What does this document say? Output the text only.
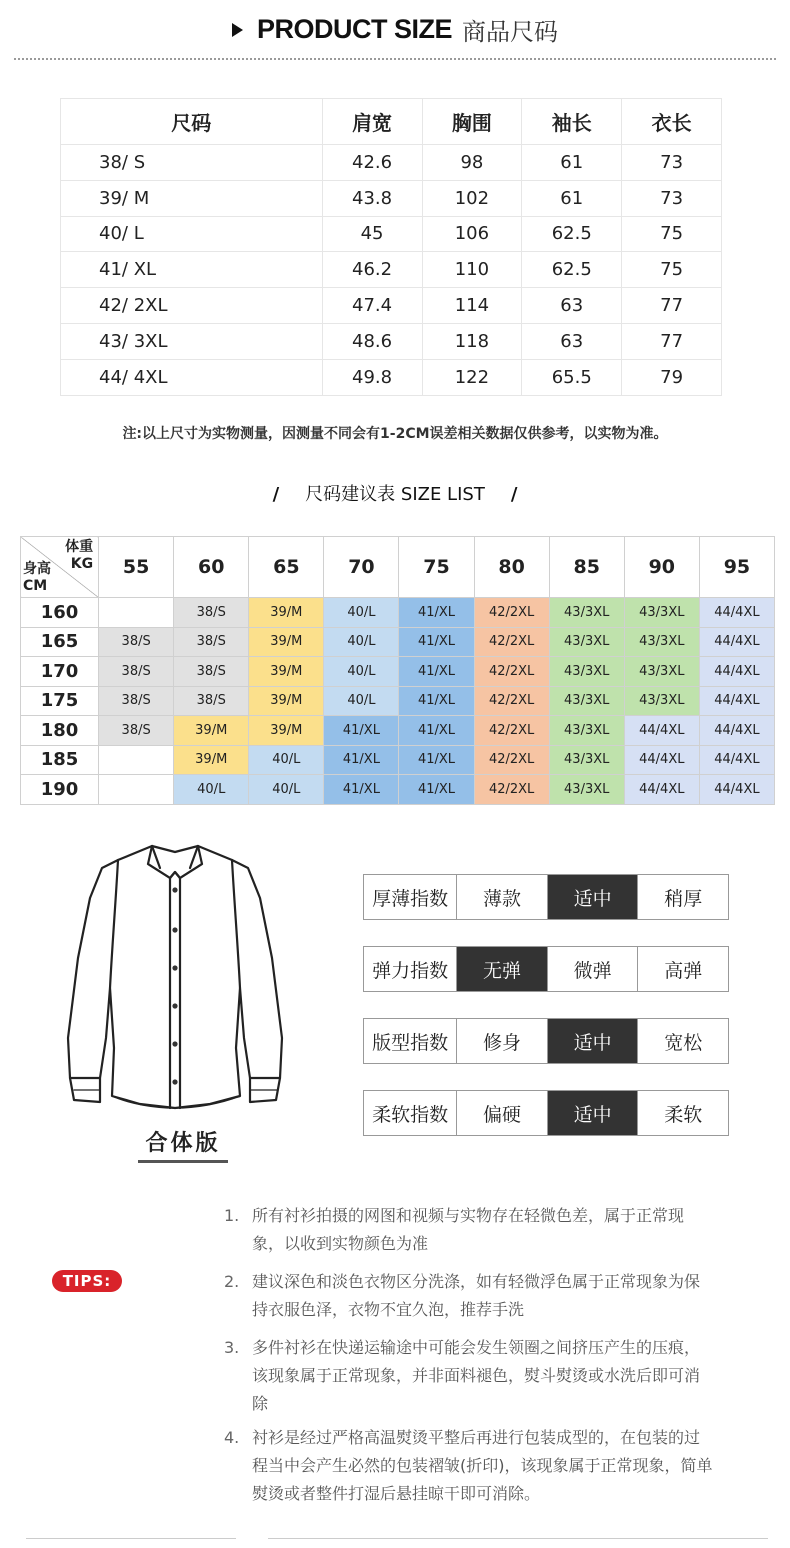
PRODUCT SIZE 商品尺码
尺码	肩宽	胸围	袖长	衣长
38/ S	42.6	98	61	73
39/ M	43.8	102	61	73
40/ L	45	106	62.5	75
41/ XL	46.2	110	62.5	75
42/ 2XL	47.4	114	63	77
43/ 3XL	48.6	118	63	77
44/ 4XL	49.8	122	65.5	79
注:以上尺寸为实物测量，因测量不同会有1-2CM误差相关数据仅供参考，以实物为准。
/ 尺码建议表 SIZE LIST /
体重
KG
身高
CM	55	60	65	70	75	80	85	90	95
160		38/S	39/M	40/L	41/XL	42/2XL	43/3XL	43/3XL	44/4XL
165	38/S	38/S	39/M	40/L	41/XL	42/2XL	43/3XL	43/3XL	44/4XL
170	38/S	38/S	39/M	40/L	41/XL	42/2XL	43/3XL	43/3XL	44/4XL
175	38/S	38/S	39/M	40/L	41/XL	42/2XL	43/3XL	43/3XL	44/4XL
180	38/S	39/M	39/M	41/XL	41/XL	42/2XL	43/3XL	44/4XL	44/4XL
185		39/M	40/L	41/XL	41/XL	42/2XL	43/3XL	44/4XL	44/4XL
190		40/L	40/L	41/XL	41/XL	42/2XL	43/3XL	44/4XL	44/4XL
合体版
厚薄指数	薄款	适中	稍厚
弹力指数	无弹	微弹	高弹
版型指数	修身	适中	宽松
柔软指数	偏硬	适中	柔软
TIPS:
1. 所有衬衫拍摄的网图和视频与实物存在轻微色差，属于正常现象，以收到实物颜色为准
2. 建议深色和淡色衣物区分洗涤，如有轻微浮色属于正常现象为保持衣服色泽，衣物不宜久泡，推荐手洗
3. 多件衬衫在快递运输途中可能会发生领圈之间挤压产生的压痕，该现象属于正常现象，并非面料褪色，熨斗熨烫或水洗后即可消除
4. 衬衫是经过严格高温熨烫平整后再进行包装成型的，在包装的过程当中会产生必然的包装褶皱(折印)，该现象属于正常现象，简单熨烫或者整件打湿后悬挂晾干即可消除。
